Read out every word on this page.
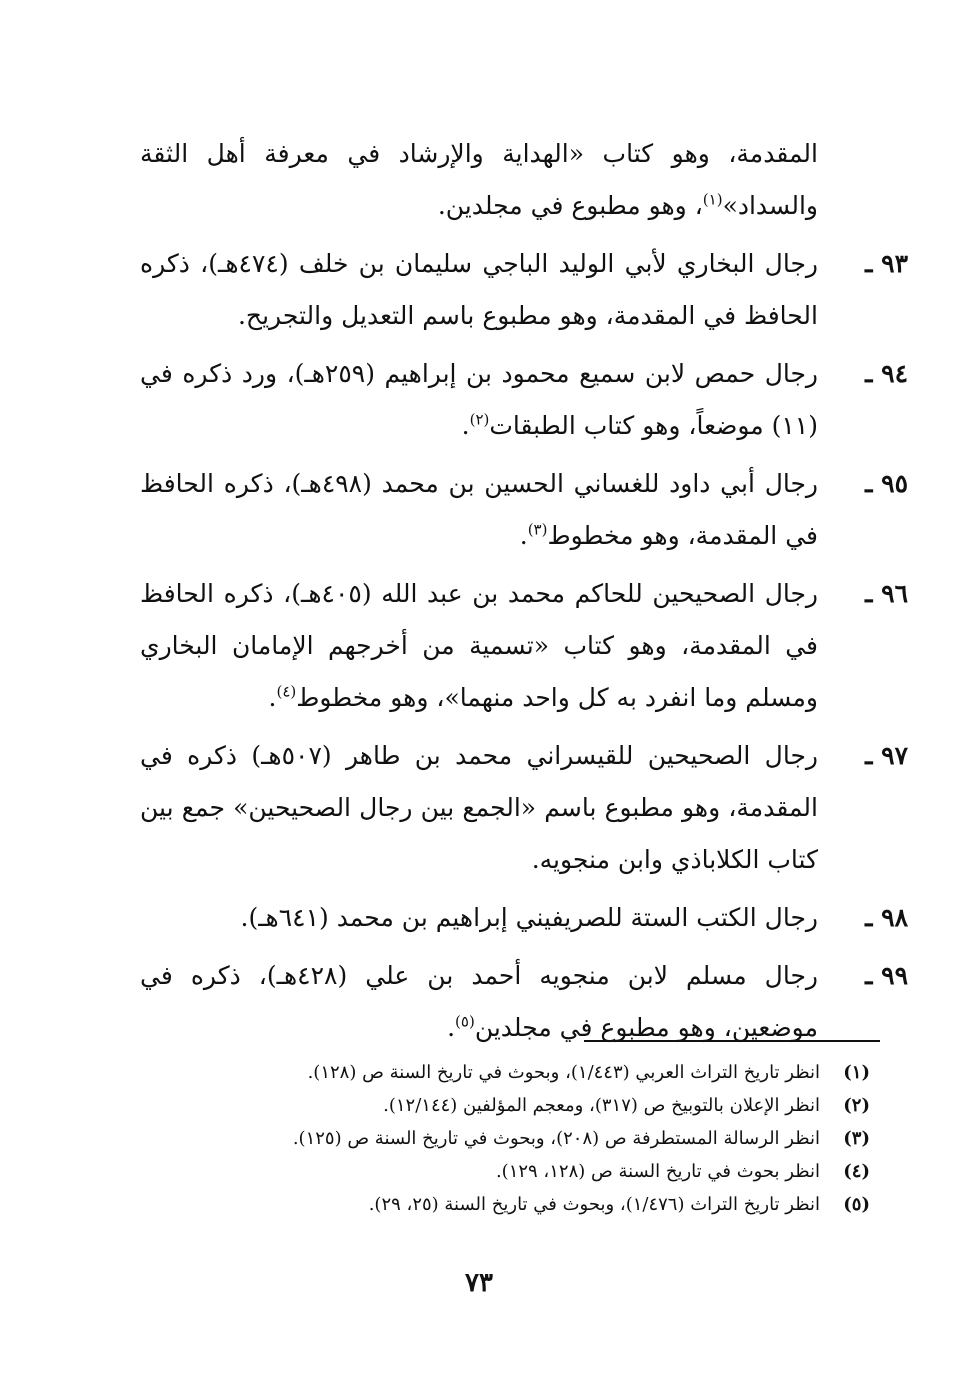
المقدمة، وهو كتاب «الهداية والإرشاد في معرفة أهل الثقة والسداد»$^{(١)}$، وهو مطبوع في مجلدين.

٩٣ ـ
رجال البخاري لأبي الوليد الباجي سليمان بن خلف (٤٧٤هـ)، ذكره الحافظ في المقدمة، وهو مطبوع باسم التعديل والتجريح.

٩٤ ـ
رجال حمص لابن سميع محمود بن إبراهيم (٢٥٩هـ)، ورد ذكره في (١١) موضعاً، وهو كتاب الطبقات$^{(٢)}$.

٩٥ ـ
رجال أبي داود للغساني الحسين بن محمد (٤٩٨هـ)، ذكره الحافظ في المقدمة، وهو مخطوط$^{(٣)}$.

٩٦ ـ
رجال الصحيحين للحاكم محمد بن عبد الله (٤٠٥هـ)، ذكره الحافظ في المقدمة، وهو كتاب «تسمية من أخرجهم الإمامان البخاري ومسلم وما انفرد به كل واحد منهما»، وهو مخطوط$^{(٤)}$.

٩٧ ـ
رجال الصحيحين للقيسراني محمد بن طاهر (٥٠٧هـ) ذكره في المقدمة، وهو مطبوع باسم «الجمع بين رجال الصحيحين» جمع بين كتاب الكلاباذي وابن منجويه.

٩٨ ـ
رجال الكتب الستة للصريفيني إبراهيم بن محمد (٦٤١هـ).

٩٩ ـ
رجال مسلم لابن منجويه أحمد بن علي (٤٢٨هـ)، ذكره في موضعين، وهو مطبوع في مجلدين$^{(٥)}$.

(١)
انظر تاريخ التراث العربي (١/٤٤٣)، وبحوث في تاريخ السنة ص (١٢٨).
(٢)
انظر الإعلان بالتوبيخ ص (٣١٧)، ومعجم المؤلفين (١٢/١٤٤).
(٣)
انظر الرسالة المستطرفة ص (٢٠٨)، وبحوث في تاريخ السنة ص (١٢٥).
(٤)
انظر بحوث في تاريخ السنة ص (١٢٨، ١٢٩).
(٥)
انظر تاريخ التراث (١/٤٧٦)، وبحوث في تاريخ السنة (٢٥، ٢٩).
٧٣
